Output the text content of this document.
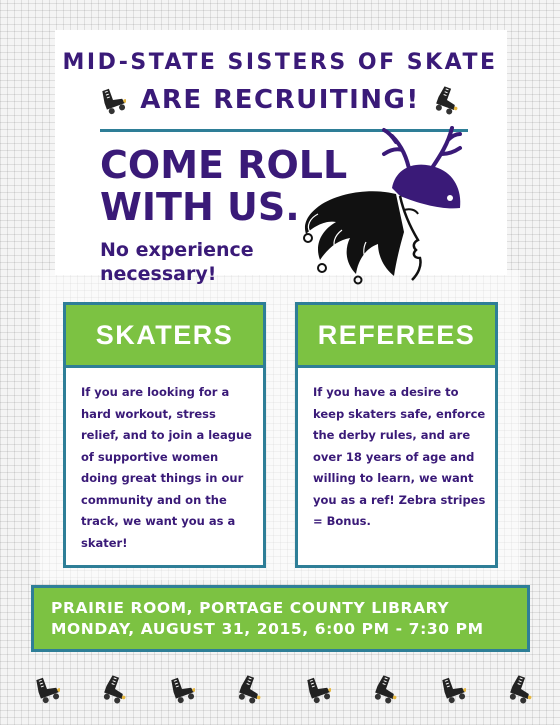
MID-STATE SISTERS OF SKATE
ARE RECRUITING!
COME ROLL
WITH US.
No experience
necessary!
SKATERS
If you are looking for a hard workout, stress relief, and to join a league of supportive women doing great things in our community and on the track, we want you as a skater!
REFEREES
If you have a desire to keep skaters safe, enforce the derby rules, and are over 18 years of age and willing to learn, we want you as a ref! Zebra stripes = Bonus.
PRAIRIE ROOM, PORTAGE COUNTY LIBRARY
MONDAY, AUGUST 31, 2015, 6:00 PM - 7:30 PM
